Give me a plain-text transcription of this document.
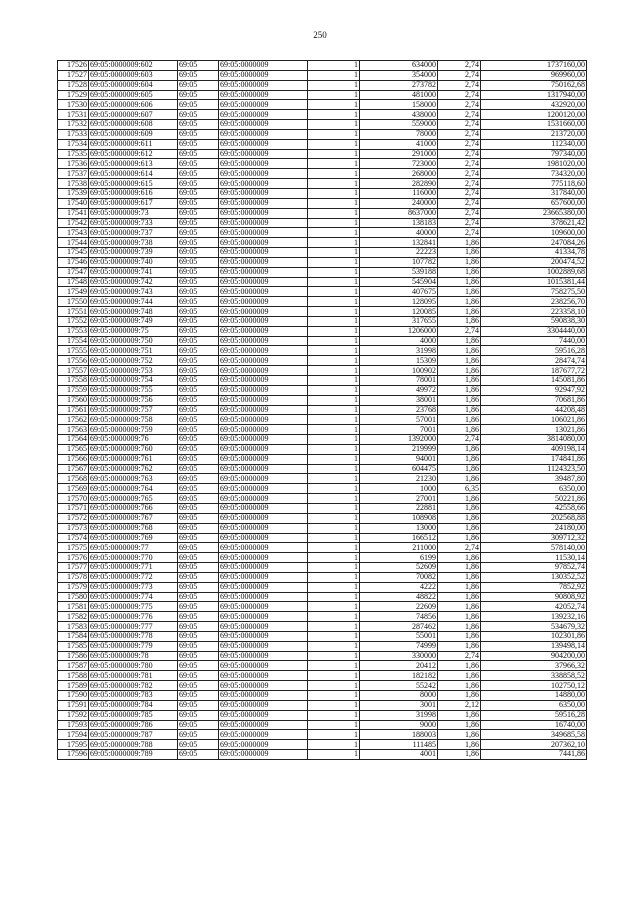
250
17526	69:05:0000009:602	69:05	69:05:0000009	1	634000	2,74	1737160,00
17527	69:05:0000009:603	69:05	69:05:0000009	1	354000	2,74	969960,00
17528	69:05:0000009:604	69:05	69:05:0000009	1	273782	2,74	750162,68
17529	69:05:0000009:605	69:05	69:05:0000009	1	481000	2,74	1317940,00
17530	69:05:0000009:606	69:05	69:05:0000009	1	158000	2,74	432920,00
17531	69:05:0000009:607	69:05	69:05:0000009	1	438000	2,74	1200120,00
17532	69:05:0000009:608	69:05	69:05:0000009	1	559000	2,74	1531660,00
17533	69:05:0000009:609	69:05	69:05:0000009	1	78000	2,74	213720,00
17534	69:05:0000009:611	69:05	69:05:0000009	1	41000	2,74	112340,00
17535	69:05:0000009:612	69:05	69:05:0000009	1	291000	2,74	797340,00
17536	69:05:0000009:613	69:05	69:05:0000009	1	723000	2,74	1981020,00
17537	69:05:0000009:614	69:05	69:05:0000009	1	268000	2,74	734320,00
17538	69:05:0000009:615	69:05	69:05:0000009	1	282890	2,74	775118,60
17539	69:05:0000009:616	69:05	69:05:0000009	1	116000	2,74	317840,00
17540	69:05:0000009:617	69:05	69:05:0000009	1	240000	2,74	657600,00
17541	69:05:0000009:73	69:05	69:05:0000009	1	8637000	2,74	23665380,00
17542	69:05:0000009:733	69:05	69:05:0000009	1	138183	2,74	378621,42
17543	69:05:0000009:737	69:05	69:05:0000009	1	40000	2,74	109600,00
17544	69:05:0000009:738	69:05	69:05:0000009	1	132841	1,86	247084,26
17545	69:05:0000009:739	69:05	69:05:0000009	1	22223	1,86	41334,78
17546	69:05:0000009:740	69:05	69:05:0000009	1	107782	1,86	200474,52
17547	69:05:0000009:741	69:05	69:05:0000009	1	539188	1,86	1002889,68
17548	69:05:0000009:742	69:05	69:05:0000009	1	545904	1,86	1015381,44
17549	69:05:0000009:743	69:05	69:05:0000009	1	407675	1,86	758275,50
17550	69:05:0000009:744	69:05	69:05:0000009	1	128095	1,86	238256,70
17551	69:05:0000009:748	69:05	69:05:0000009	1	120085	1,86	223358,10
17552	69:05:0000009:749	69:05	69:05:0000009	1	317655	1,86	590838,30
17553	69:05:0000009:75	69:05	69:05:0000009	1	1206000	2,74	3304440,00
17554	69:05:0000009:750	69:05	69:05:0000009	1	4000	1,86	7440,00
17555	69:05:0000009:751	69:05	69:05:0000009	1	31998	1,86	59516,28
17556	69:05:0000009:752	69:05	69:05:0000009	1	15309	1,86	28474,74
17557	69:05:0000009:753	69:05	69:05:0000009	1	100902	1,86	187677,72
17558	69:05:0000009:754	69:05	69:05:0000009	1	78001	1,86	145081,86
17559	69:05:0000009:755	69:05	69:05:0000009	1	49972	1,86	92947,92
17560	69:05:0000009:756	69:05	69:05:0000009	1	38001	1,86	70681,86
17561	69:05:0000009:757	69:05	69:05:0000009	1	23768	1,86	44208,48
17562	69:05:0000009:758	69:05	69:05:0000009	1	57001	1,86	106021,86
17563	69:05:0000009:759	69:05	69:05:0000009	1	7001	1,86	13021,86
17564	69:05:0000009:76	69:05	69:05:0000009	1	1392000	2,74	3814080,00
17565	69:05:0000009:760	69:05	69:05:0000009	1	219999	1,86	409198,14
17566	69:05:0000009:761	69:05	69:05:0000009	1	94001	1,86	174841,86
17567	69:05:0000009:762	69:05	69:05:0000009	1	604475	1,86	1124323,50
17568	69:05:0000009:763	69:05	69:05:0000009	1	21230	1,86	39487,80
17569	69:05:0000009:764	69:05	69:05:0000009	1	1000	6,35	6350,00
17570	69:05:0000009:765	69:05	69:05:0000009	1	27001	1,86	50221,86
17571	69:05:0000009:766	69:05	69:05:0000009	1	22881	1,86	42558,66
17572	69:05:0000009:767	69:05	69:05:0000009	1	108908	1,86	202568,88
17573	69:05:0000009:768	69:05	69:05:0000009	1	13000	1,86	24180,00
17574	69:05:0000009:769	69:05	69:05:0000009	1	166512	1,86	309712,32
17575	69:05:0000009:77	69:05	69:05:0000009	1	211000	2,74	578140,00
17576	69:05:0000009:770	69:05	69:05:0000009	1	6199	1,86	11530,14
17577	69:05:0000009:771	69:05	69:05:0000009	1	52609	1,86	97852,74
17578	69:05:0000009:772	69:05	69:05:0000009	1	70082	1,86	130352,52
17579	69:05:0000009:773	69:05	69:05:0000009	1	4222	1,86	7852,92
17580	69:05:0000009:774	69:05	69:05:0000009	1	48822	1,86	90808,92
17581	69:05:0000009:775	69:05	69:05:0000009	1	22609	1,86	42052,74
17582	69:05:0000009:776	69:05	69:05:0000009	1	74856	1,86	139232,16
17583	69:05:0000009:777	69:05	69:05:0000009	1	287462	1,86	534679,32
17584	69:05:0000009:778	69:05	69:05:0000009	1	55001	1,86	102301,86
17585	69:05:0000009:779	69:05	69:05:0000009	1	74999	1,86	139498,14
17586	69:05:0000009:78	69:05	69:05:0000009	1	330000	2,74	904200,00
17587	69:05:0000009:780	69:05	69:05:0000009	1	20412	1,86	37966,32
17588	69:05:0000009:781	69:05	69:05:0000009	1	182182	1,86	338858,52
17589	69:05:0000009:782	69:05	69:05:0000009	1	55242	1,86	102750,12
17590	69:05:0000009:783	69:05	69:05:0000009	1	8000	1,86	14880,00
17591	69:05:0000009:784	69:05	69:05:0000009	1	3001	2,12	6350,00
17592	69:05:0000009:785	69:05	69:05:0000009	1	31998	1,86	59516,28
17593	69:05:0000009:786	69:05	69:05:0000009	1	9000	1,86	16740,00
17594	69:05:0000009:787	69:05	69:05:0000009	1	188003	1,86	349685,58
17595	69:05:0000009:788	69:05	69:05:0000009	1	111485	1,86	207362,10
17596	69:05:0000009:789	69:05	69:05:0000009	1	4001	1,86	7441,86
